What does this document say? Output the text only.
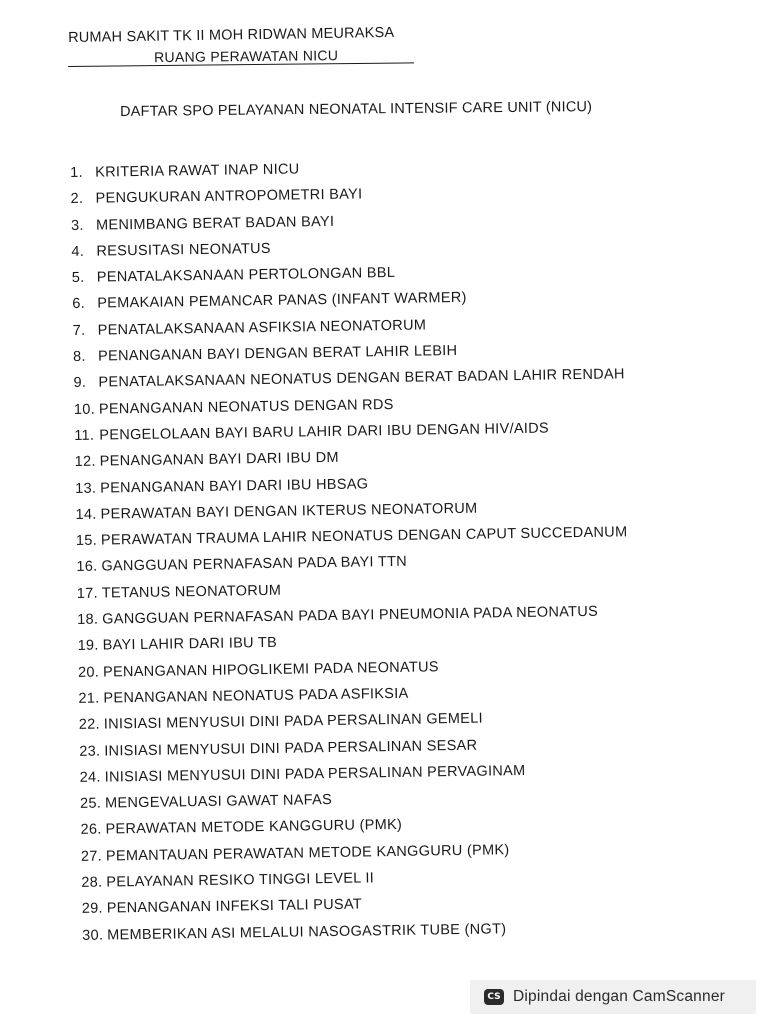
RUMAH SAKIT TK II MOH RIDWAN MEURAKSA
RUANG PERAWATAN NICU
DAFTAR SPO PELAYANAN NEONATAL INTENSIF CARE UNIT (NICU)
1. KRITERIA RAWAT INAP NICU
2. PENGUKURAN ANTROPOMETRI BAYI
3. MENIMBANG BERAT BADAN BAYI
4. RESUSITASI NEONATUS
5. PENATALAKSANAAN PERTOLONGAN BBL
6. PEMAKAIAN PEMANCAR PANAS (INFANT WARMER)
7. PENATALAKSANAAN ASFIKSIA NEONATORUM
8. PENANGANAN BAYI DENGAN BERAT LAHIR LEBIH
9. PENATALAKSANAAN NEONATUS DENGAN BERAT BADAN LAHIR RENDAH
10. PENANGANAN NEONATUS DENGAN RDS
11. PENGELOLAAN BAYI BARU LAHIR DARI IBU DENGAN HIV/AIDS
12. PENANGANAN BAYI DARI IBU DM
13. PENANGANAN BAYI DARI IBU HBSAG
14. PERAWATAN BAYI DENGAN IKTERUS NEONATORUM
15. PERAWATAN TRAUMA LAHIR NEONATUS DENGAN CAPUT SUCCEDANUM
16. GANGGUAN PERNAFASAN PADA BAYI TTN
17. TETANUS NEONATORUM
18. GANGGUAN PERNAFASAN PADA BAYI PNEUMONIA PADA NEONATUS
19. BAYI LAHIR DARI IBU TB
20. PENANGANAN HIPOGLIKEMI PADA NEONATUS
21. PENANGANAN NEONATUS PADA ASFIKSIA
22. INISIASI MENYUSUI DINI PADA PERSALINAN GEMELI
23. INISIASI MENYUSUI DINI PADA PERSALINAN SESAR
24. INISIASI MENYUSUI DINI PADA PERSALINAN PERVAGINAM
25. MENGEVALUASI GAWAT NAFAS
26. PERAWATAN METODE KANGGURU (PMK)
27. PEMANTAUAN PERAWATAN METODE KANGGURU (PMK)
28. PELAYANAN RESIKO TINGGI LEVEL II
29. PENANGANAN INFEKSI TALI PUSAT
30. MEMBERIKAN ASI MELALUI NASOGASTRIK TUBE (NGT)
CS Dipindai dengan CamScanner
